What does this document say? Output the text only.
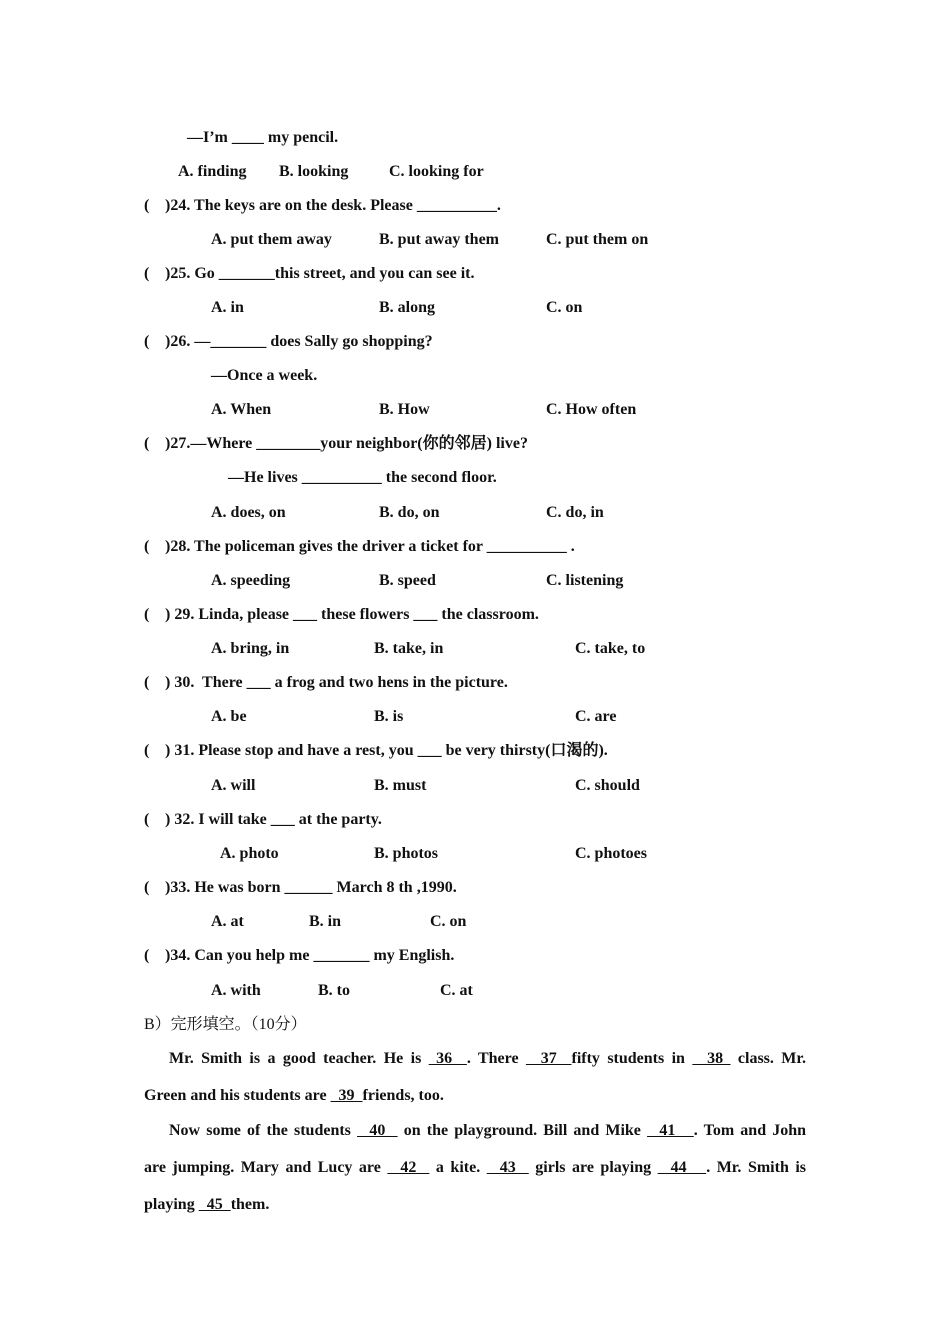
—I’m ____ my pencil.
A. finding B. looking	C. looking for
( )24. The keys are on the desk. Please __________.
A. put them away	B. put away them	C. put them on
( )25. Go _______this street, and you can see it.
A. in	B. along	C. on
( )26. —_______ does Sally go shopping?
—Once a week.
A. When	B. How	C. How often
( )27.—Where ________your neighbor(你的邻居) live?
—He lives __________ the second floor.
A. does, on	B. do, on	C. do, in
( )28. The policeman gives the driver a ticket for __________ .
A. speeding	B. speed	C. listening
( ) 29. Linda, please ___ these flowers ___ the classroom.
A. bring, in	B. take, in	C. take, to
( ) 30.  There ___ a frog and two hens in the picture.
A. be	B. is	C. are
( ) 31. Please stop and have a rest, you ___ be very thirsty(口渴的).
A. will	B. must	C. should
( ) 32. I will take ___ at the party.
A. photo	B. photos	C. photoes
( )33. He was born ______ March 8 th ,1990.
A. at	B. in	C. on
( )34. Can you help me _______ my English.
A. with	B. to	C. at
B）完形填空。（10分）
Mr. Smith is a good teacher. He is  36  . There   37  fifty students in   38  class. Mr.
Green and his students are   39  friends, too.
Now some of the students   40   on the playground. Bill and Mike   41   . Tom and John
are jumping. Mary and Lucy are   42   a kite.   43   girls are playing   44   . Mr. Smith is
playing   45  them.
